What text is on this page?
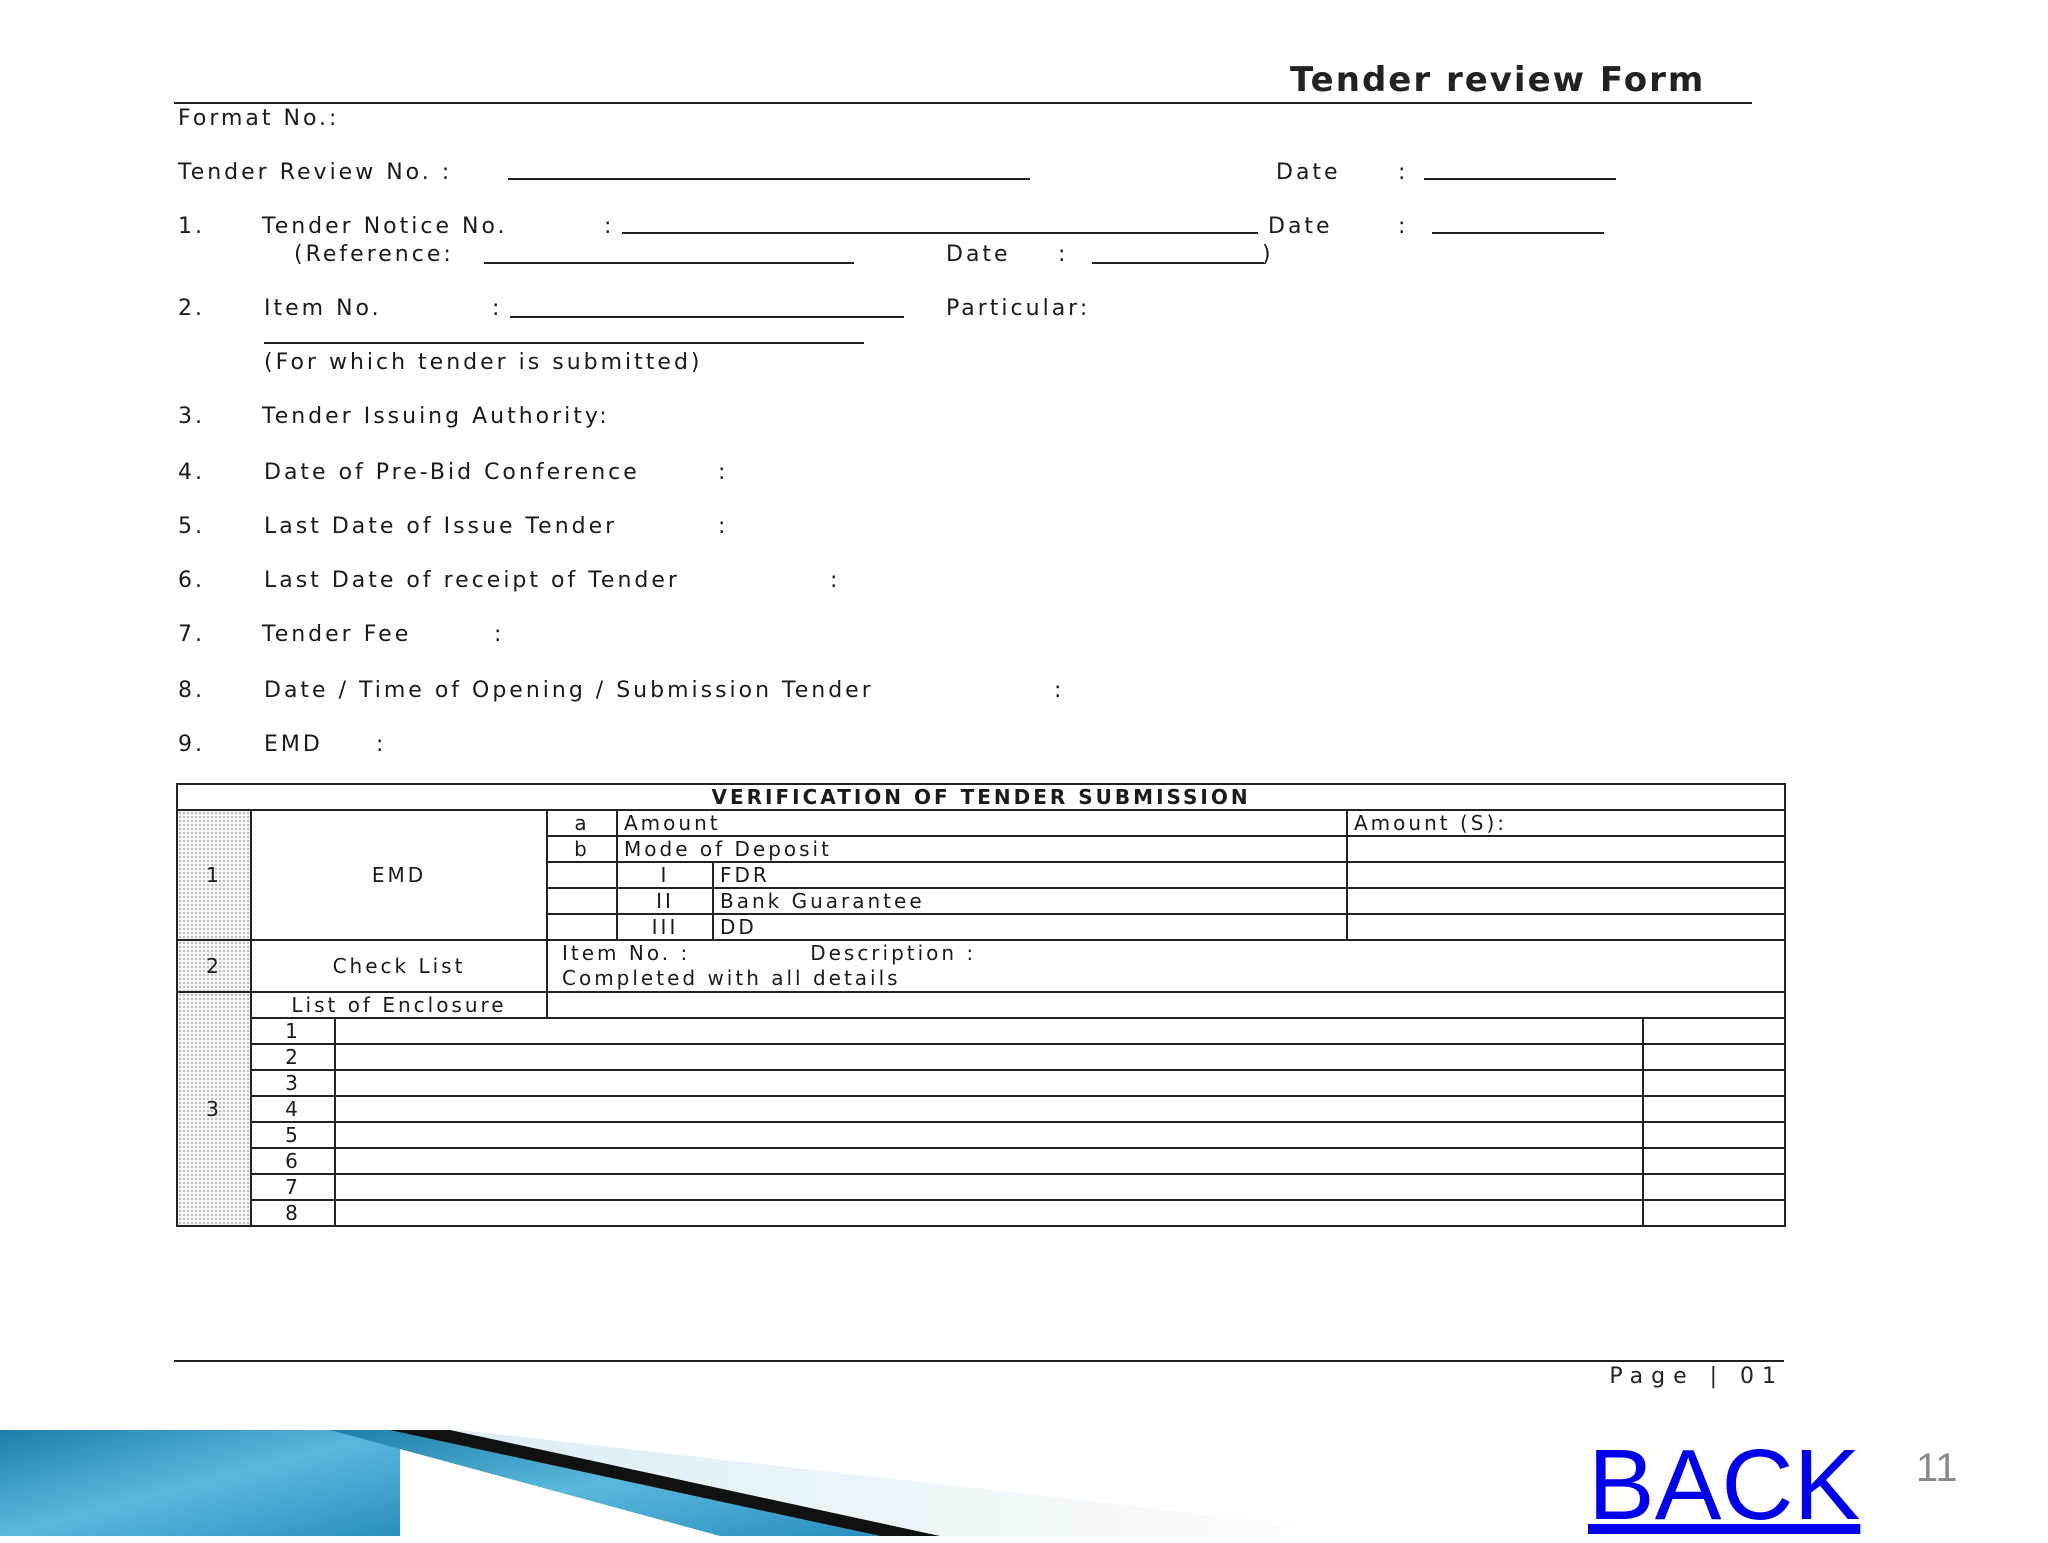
Tender review Form
Format No.:
Tender Review No. :	Date	:
1.	Tender Notice No.	:	Date	:
(Reference:	Date :	)
2.	Item No.	:	Particular:
(For which tender is submitted)
3.	Tender Issuing Authority:
4.	Date of Pre-Bid Conference	:
5.	Last Date of Issue Tender	:
6.	Last Date of receipt of Tender	:
7.	Tender Fee	:
8.	Date / Time of Opening / Submission Tender	:
9.	EMD :
VERIFICATION OF TENDER SUBMISSION							
1	EMD		a	Amount		Amount (S):	
			b	Mode of Deposit			
				I	FDR		
				II	Bank Guarantee		
				III	DD		
2	Check List		Item No. : Description :
Completed with all details				

3	List of Enclosure						
	1						
	2						
	3						
	4						
	5						
	6						
	7						
	8						
Page | 01
BACK 11
